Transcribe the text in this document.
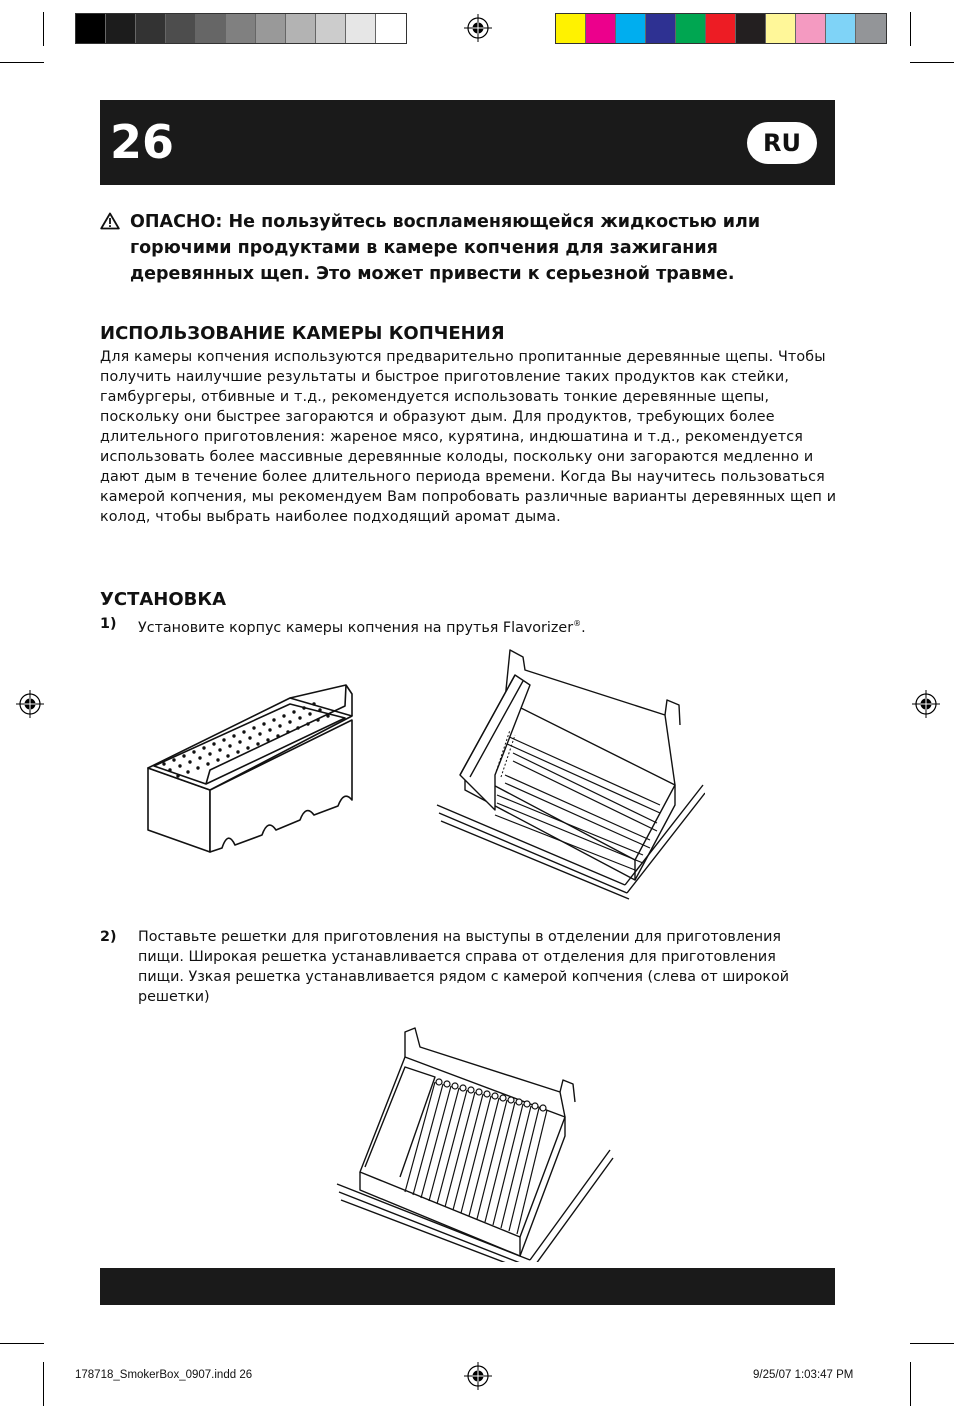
26	RU
ОПАСНО: Не пользуйтесь воспламеняющейся жидкостью или горючими продуктами в камере копчения для зажигания деревянных щеп. Это может привести к серьезной травме.
ИСПОЛЬЗОВАНИЕ КАМЕРЫ КОПЧЕНИЯ
Для камеры копчения используются предварительно пропитанные деревянные щепы. Чтобы получить наилучшие результаты и быстрое приготовление таких продуктов как стейки, гамбургеры, отбивные и т.д., рекомендуется использовать тонкие деревянные щепы, поскольку они быстрее загораются и образуют дым. Для продуктов, требующих более длительного приготовления: жареное мясо, курятина, индюшатина и т.д., рекомендуется использовать более массивные деревянные колоды, поскольку они загораются медленно и дают дым в течение более длительного периода времени. Когда Вы научитесь пользоваться камерой копчения, мы рекомендуем Вам попробовать различные варианты деревянных щеп и колод, чтобы выбрать наиболее подходящий аромат дыма.
УСТАНОВКА
1)	Установите корпус камеры копчения на прутья Flavorizer®.
2)	Поставьте решетки для приготовления на выступы в отделении для приготовления пищи. Широкая решетка устанавливается справа от отделения для приготовления пищи. Узкая решетка устанавливается рядом с камерой копчения (слева от широкой решетки)
178718_SmokerBox_0907.indd 26	9/25/07 1:03:47 PM
